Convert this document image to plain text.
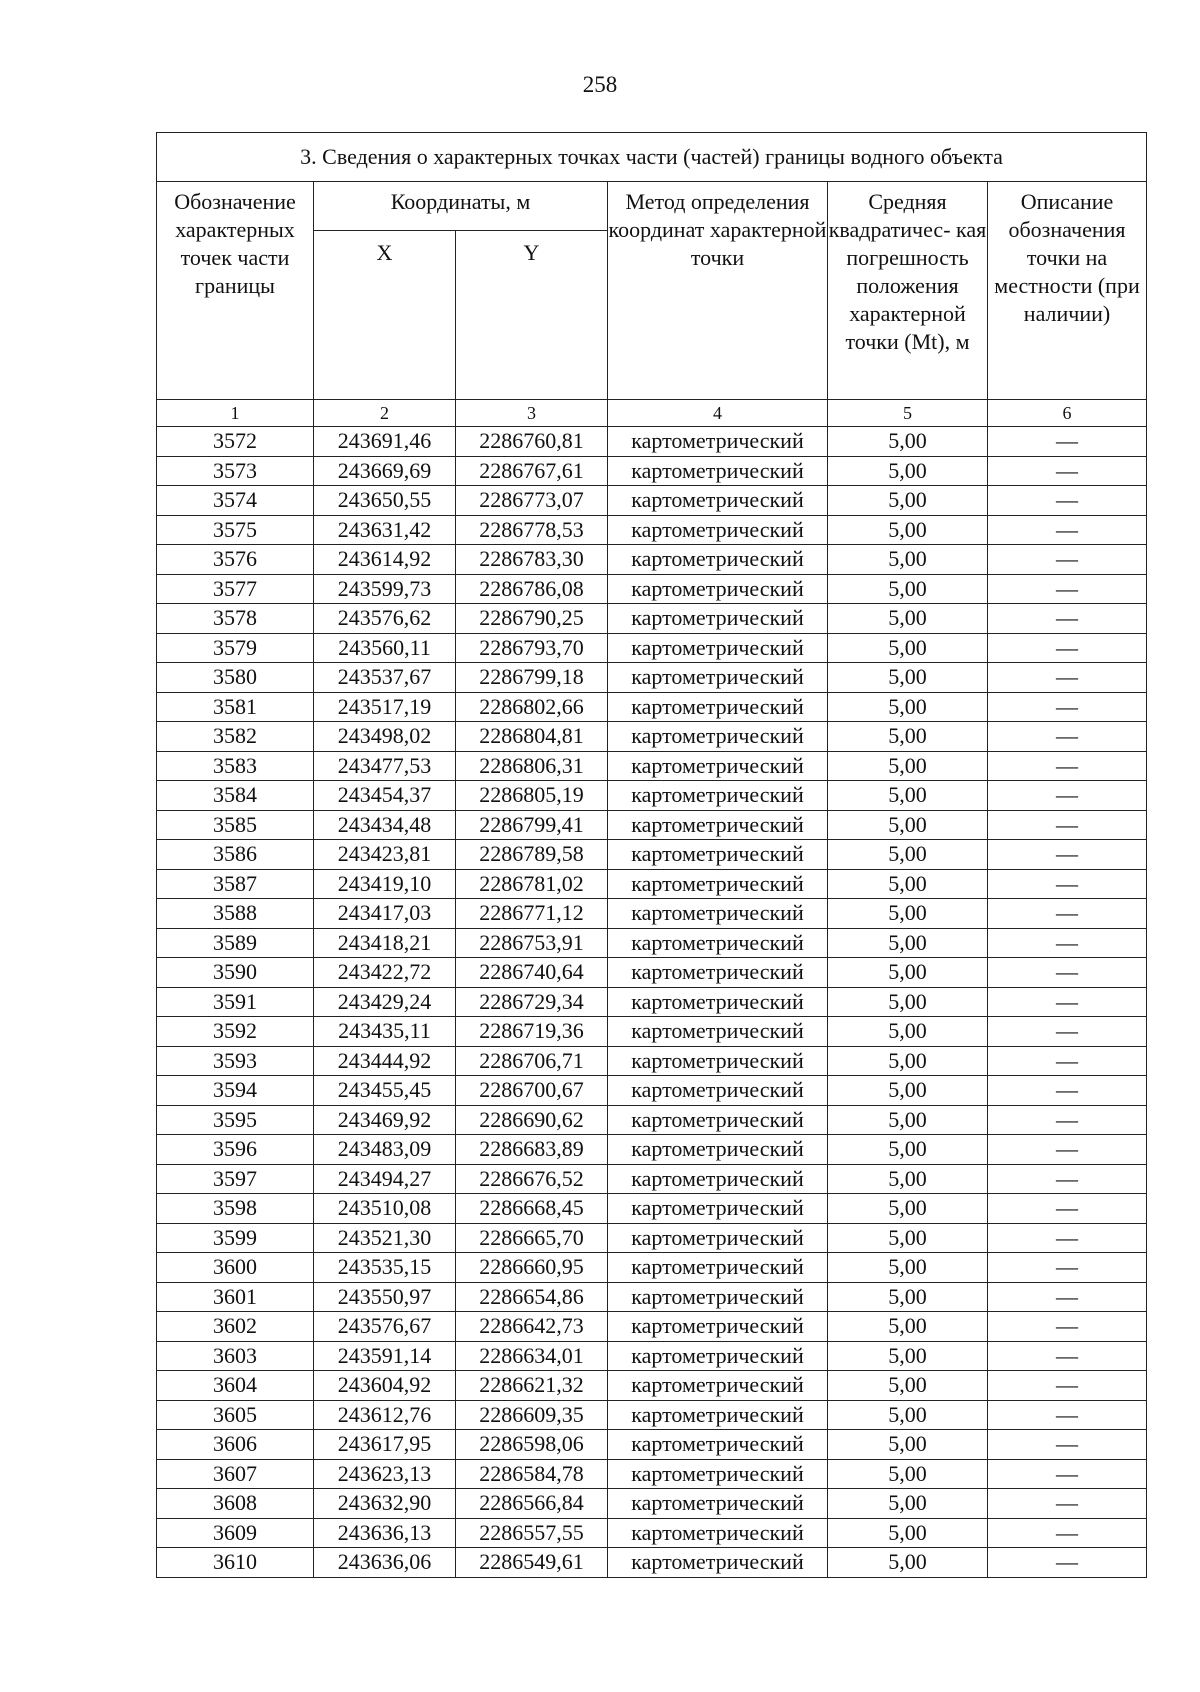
258
3. Сведения о характерных точках части (частей) границы водного объекта					
Обозначение характерных точек части границы	Координаты, м		Метод определения координат характерной точки	Средняя квадратичес- кая погрешность положения характерной точки (Mt), м	Описание обозначения точки на местности (при наличии)
	X	Y			
1	2	3	4	5	6
3572	243691,46	2286760,81	картометрический	5,00	—
3573	243669,69	2286767,61	картометрический	5,00	—
3574	243650,55	2286773,07	картометрический	5,00	—
3575	243631,42	2286778,53	картометрический	5,00	—
3576	243614,92	2286783,30	картометрический	5,00	—
3577	243599,73	2286786,08	картометрический	5,00	—
3578	243576,62	2286790,25	картометрический	5,00	—
3579	243560,11	2286793,70	картометрический	5,00	—
3580	243537,67	2286799,18	картометрический	5,00	—
3581	243517,19	2286802,66	картометрический	5,00	—
3582	243498,02	2286804,81	картометрический	5,00	—
3583	243477,53	2286806,31	картометрический	5,00	—
3584	243454,37	2286805,19	картометрический	5,00	—
3585	243434,48	2286799,41	картометрический	5,00	—
3586	243423,81	2286789,58	картометрический	5,00	—
3587	243419,10	2286781,02	картометрический	5,00	—
3588	243417,03	2286771,12	картометрический	5,00	—
3589	243418,21	2286753,91	картометрический	5,00	—
3590	243422,72	2286740,64	картометрический	5,00	—
3591	243429,24	2286729,34	картометрический	5,00	—
3592	243435,11	2286719,36	картометрический	5,00	—
3593	243444,92	2286706,71	картометрический	5,00	—
3594	243455,45	2286700,67	картометрический	5,00	—
3595	243469,92	2286690,62	картометрический	5,00	—
3596	243483,09	2286683,89	картометрический	5,00	—
3597	243494,27	2286676,52	картометрический	5,00	—
3598	243510,08	2286668,45	картометрический	5,00	—
3599	243521,30	2286665,70	картометрический	5,00	—
3600	243535,15	2286660,95	картометрический	5,00	—
3601	243550,97	2286654,86	картометрический	5,00	—
3602	243576,67	2286642,73	картометрический	5,00	—
3603	243591,14	2286634,01	картометрический	5,00	—
3604	243604,92	2286621,32	картометрический	5,00	—
3605	243612,76	2286609,35	картометрический	5,00	—
3606	243617,95	2286598,06	картометрический	5,00	—
3607	243623,13	2286584,78	картометрический	5,00	—
3608	243632,90	2286566,84	картометрический	5,00	—
3609	243636,13	2286557,55	картометрический	5,00	—
3610	243636,06	2286549,61	картометрический	5,00	—
